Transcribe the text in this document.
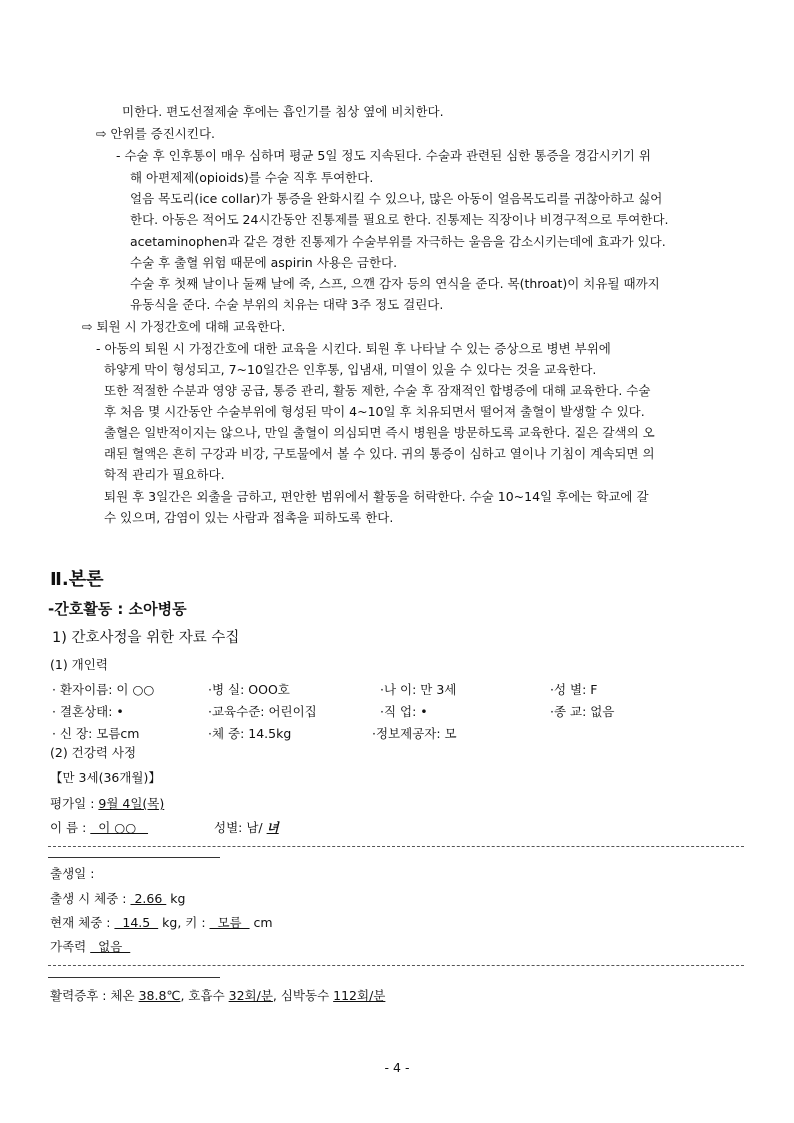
미한다. 편도선절제술 후에는 흡인기를 침상 옆에 비치한다.
⇨ 안위를 증진시킨다.
- 수술 후 인후통이 매우 심하며 평균 5일 정도 지속된다. 수술과 관련된 심한 통증을 경감시키기 위
해 아편제제(opioids)를 수술 직후 투여한다.
얼음 목도리(ice collar)가 통증을 완화시킬 수 있으나, 많은 아동이 얼음목도리를 귀찮아하고 싫어
한다. 아동은 적어도 24시간동안 진통제를 필요로 한다. 진통제는 직장이나 비경구적으로 투여한다.
acetaminophen과 같은 경한 진통제가 수술부위를 자극하는 울음을 감소시키는데에 효과가 있다.
수술 후 출혈 위험 때문에 aspirin 사용은 금한다.
수술 후 첫째 날이나 둘째 날에 죽, 스프, 으깬 감자 등의 연식을 준다. 목(throat)이 치유될 때까지
유동식을 준다. 수술 부위의 치유는 대략 3주 정도 걸린다.
⇨ 퇴원 시 가정간호에 대해 교육한다.
- 아동의 퇴원 시 가정간호에 대한 교육을 시킨다. 퇴원 후 나타날 수 있는 증상으로 병변 부위에
하얗게 막이 형성되고, 7~10일간은 인후통, 입냄새, 미열이 있을 수 있다는 것을 교육한다.
또한 적절한 수분과 영양 공급, 통증 관리, 활동 제한, 수술 후 잠재적인 합병증에 대해 교육한다. 수술
후 처음 몇 시간동안 수술부위에 형성된 막이 4~10일 후 치유되면서 떨어져 출혈이 발생할 수 있다.
출혈은 일반적이지는 않으나, 만일 출혈이 의심되면 즉시 병원을 방문하도록 교육한다. 짙은 갈색의 오
래된 혈액은 흔히 구강과 비강, 구토물에서 볼 수 있다. 귀의 통증이 심하고 열이나 기침이 계속되면 의
학적 관리가 필요하다.
퇴원 후 3일간은 외출을 금하고, 편안한 범위에서 활동을 허락한다. 수술 10~14일 후에는 학교에 갈
수 있으며, 감염이 있는 사람과 접촉을 피하도록 한다.
Ⅱ.본론
-간호활동 : 소아병동
1) 간호사정을 위한 자료 수집
(1) 개인력
· 환자이름: 이 ○○	·병 실: OOO호	·나 이: 만 3세	·성 별: F
· 결혼상태: •	·교육수준: 어린이집	·직 업: •	·종 교: 없음
· 신 장: 모름cm	·체 중: 14.5kg	·정보제공자: 모
(2) 건강력 사정
【만 3세(36개월)】
평가일 : 9월 4일(목)
이 름 :   이 ○○	성별: 남/ 녀
출생일 :
출생 시 체중 :  2.66  kg
현재 체중 :   14.5   kg, 키 :   모름   cm
가족력   없음
활력증후 : 체온 38.8℃, 호흡수 32회/분, 심박동수 112회/분
- 4 -
